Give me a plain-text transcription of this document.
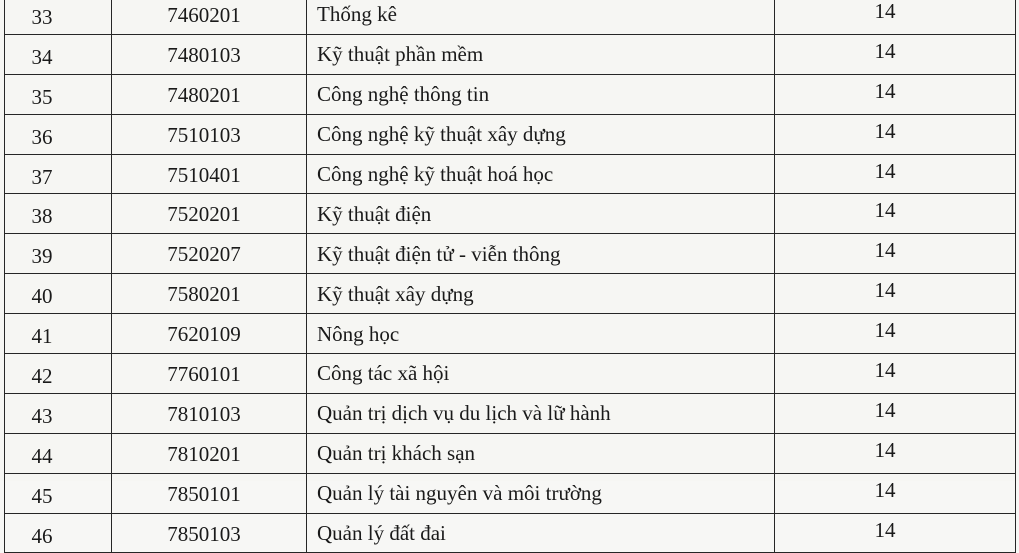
33	7460201	Thống kê	14
34	7480103	Kỹ thuật phần mềm	14
35	7480201	Công nghệ thông tin	14
36	7510103	Công nghệ kỹ thuật xây dựng	14
37	7510401	Công nghệ kỹ thuật hoá học	14
38	7520201	Kỹ thuật điện	14
39	7520207	Kỹ thuật điện tử - viễn thông	14
40	7580201	Kỹ thuật xây dựng	14
41	7620109	Nông học	14
42	7760101	Công tác xã hội	14
43	7810103	Quản trị dịch vụ du lịch và lữ hành	14
44	7810201	Quản trị khách sạn	14
45	7850101	Quản lý tài nguyên và môi trường	14
46	7850103	Quản lý đất đai	14
